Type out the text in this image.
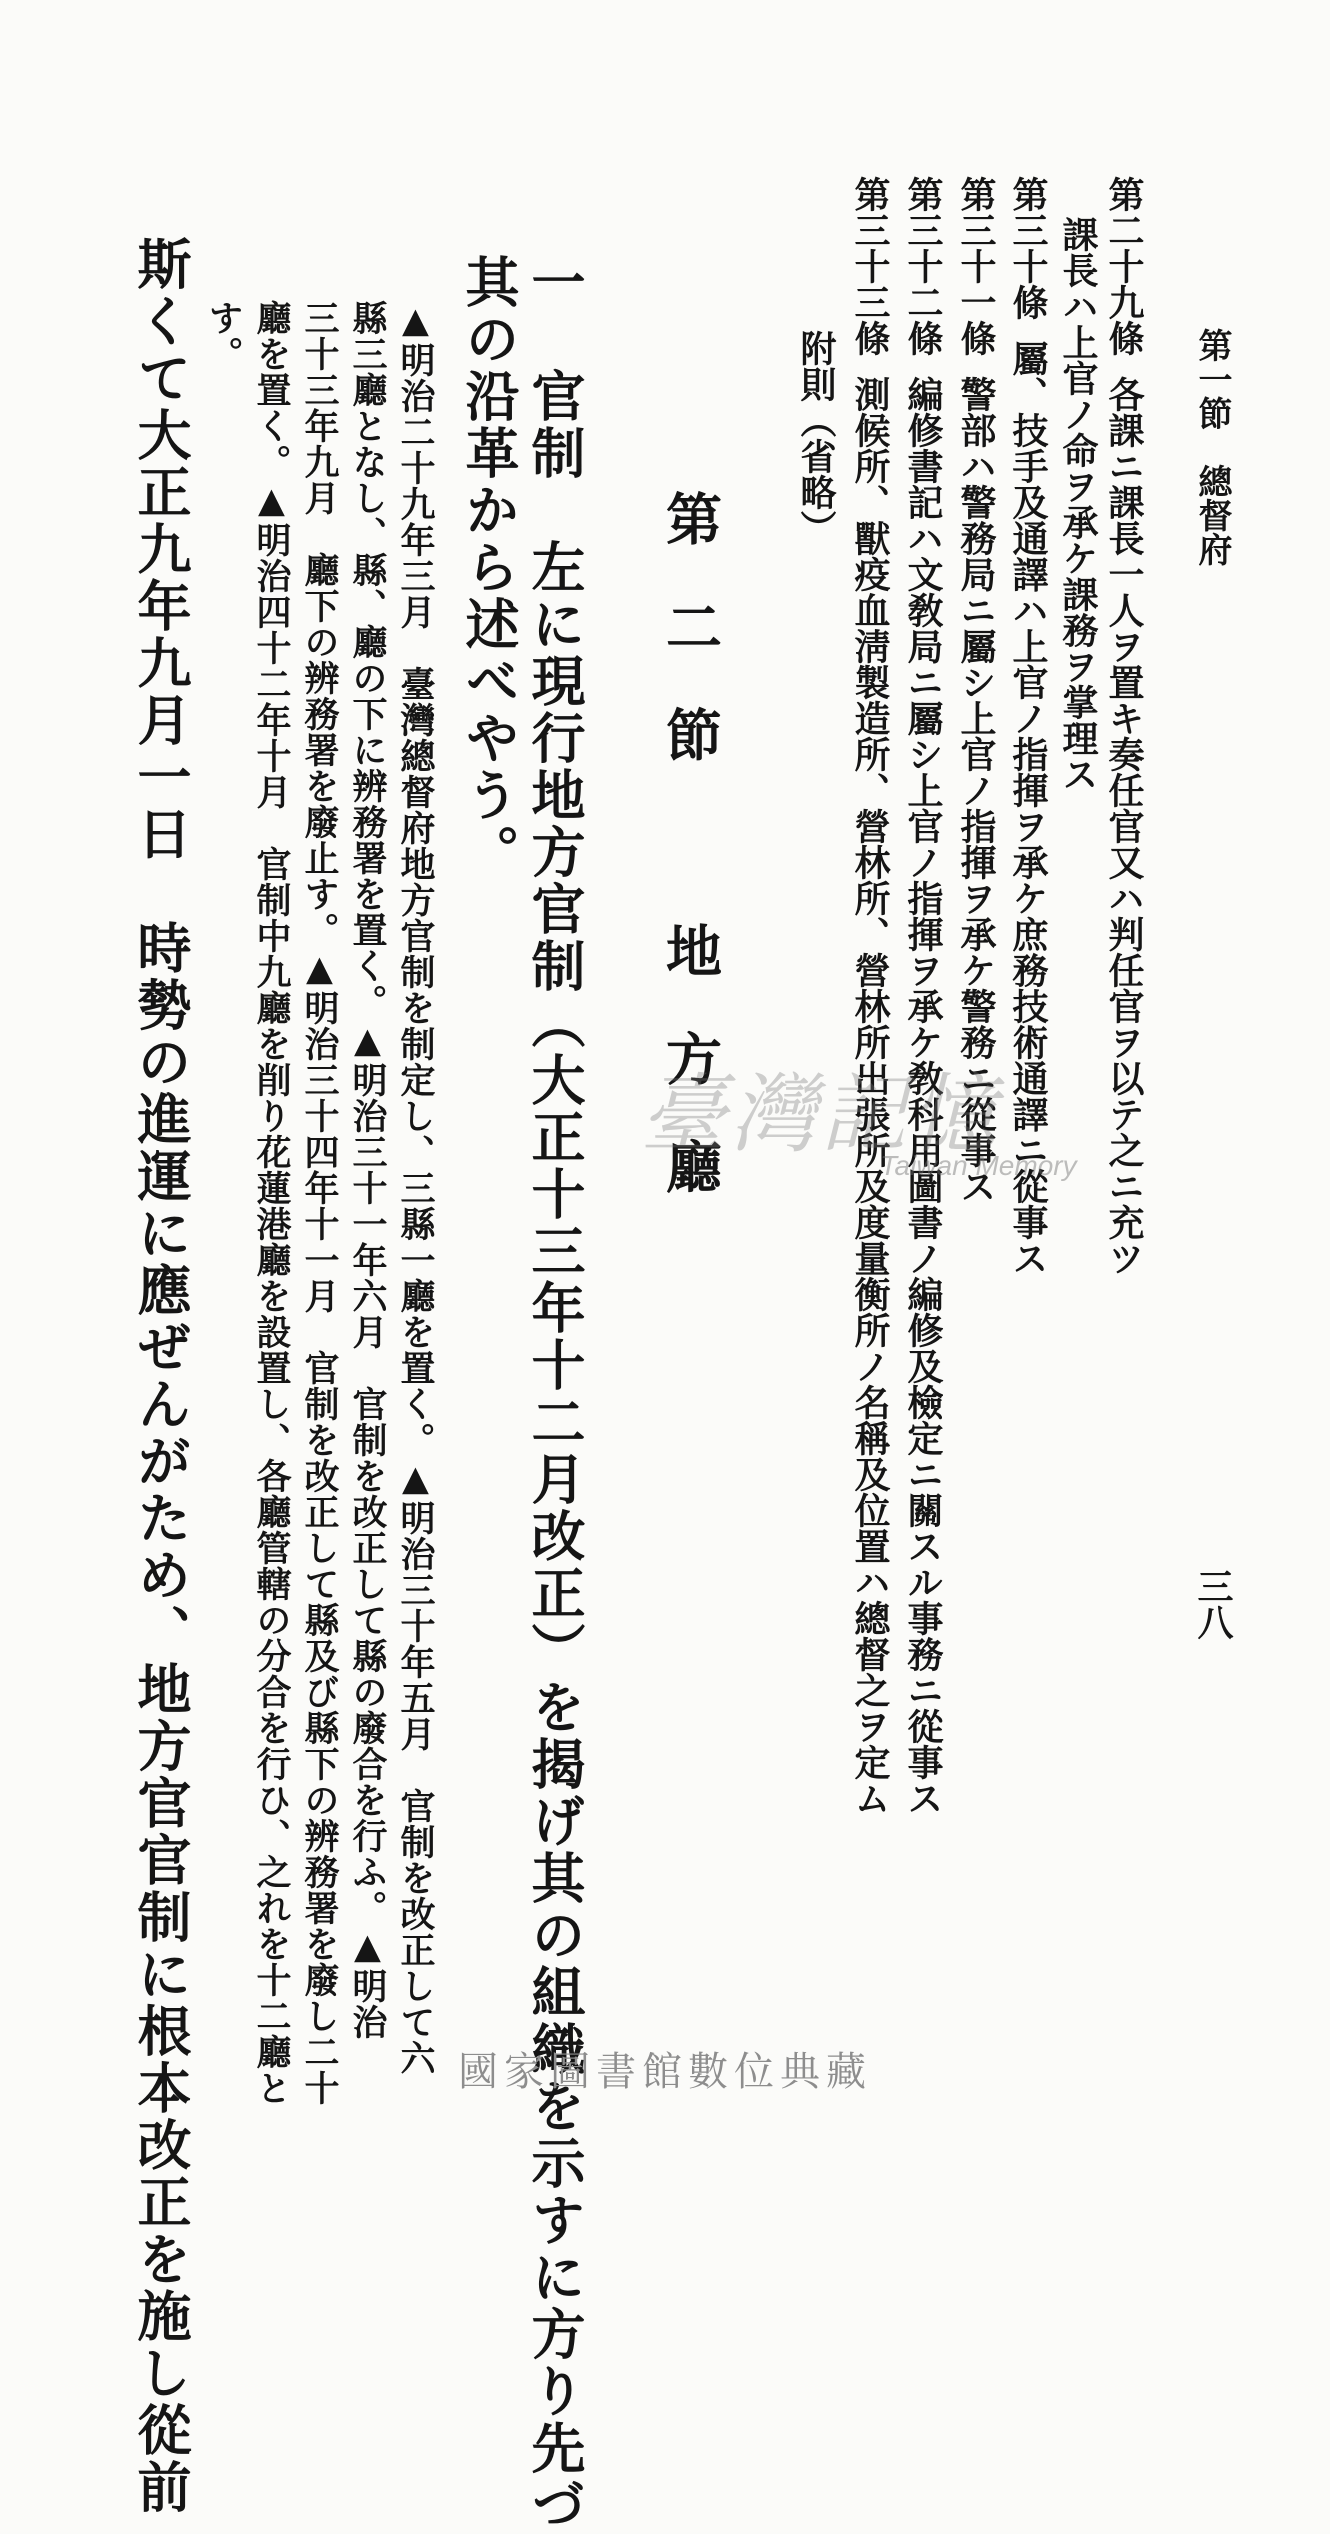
第一節　總督府
三八
第二十九條各課ニ課長一人ヲ置キ奏任官又ハ判任官ヲ以テ之ニ充ツ
課長ハ上官ノ命ヲ承ケ課務ヲ掌理ス
第三十條屬、技手及通譯ハ上官ノ指揮ヲ承ケ庶務技術通譯ニ從事ス
第三十一條警部ハ警務局ニ屬シ上官ノ指揮ヲ承ケ警務ニ從事ス
第三十二條編修書記ハ文敎局ニ屬シ上官ノ指揮ヲ承ケ敎科用圖書ノ編修及檢定ニ關スル事務ニ從事ス
第三十三條測候所、獸疫血淸製造所、營林所、營林所出張所及度量衡所ノ名稱及位置ハ總督之ヲ定ム
附則（省略）
第二節　地方廳
一　官制　左に現行地方官制（大正十三年十二月改正）を揭げ其の組織を示すに方り先づ
其の沿革から述べやう。
▲明治二十九年三月　臺灣總督府地方官制を制定し、三縣一廳を置く。▲明治三十年五月　官制を改正して六
縣三廳となし、縣、廳の下に辨務署を置く。▲明治三十一年六月　官制を改正して縣の廢合を行ふ。▲明治
三十三年九月　廳下の辨務署を廢止す。▲明治三十四年十一月　官制を改正して縣及び縣下の辨務署を廢し二十
廳を置く。▲明治四十二年十月　官制中九廳を削り花蓮港廳を設置し、各廳管轄の分合を行ひ、之れを十二廳と
す。
斯くて大正九年九月一日　時勢の進運に應ぜんがため、地方官官制に根本改正を施し從前	臺灣記憶
Taiwan Memory
國家圖書館數位典藏
